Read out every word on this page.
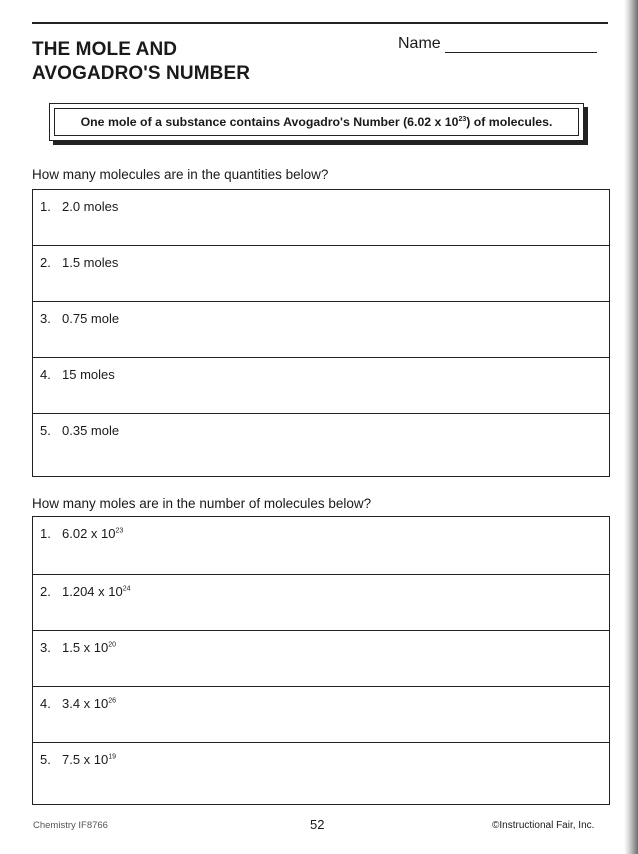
THE MOLE AND
AVOGADRO'S NUMBER
Name
One mole of a substance contains Avogadro's Number (6.02 x $10^{23}$) of molecules.
How many molecules are in the quantities below?
1. 2.0 moles
2. 1.5 moles
3. 0.75 mole
4. 15 moles
5. 0.35 mole
How many moles are in the number of molecules below?
1. 6.02 x $10^{23}$
2. 1.204 x $10^{24}$
3. 1.5 x $10^{20}$
4. 3.4 x $10^{26}$
5. 7.5 x $10^{19}$
Chemistry IF8766	52	©Instructional Fair, Inc.
